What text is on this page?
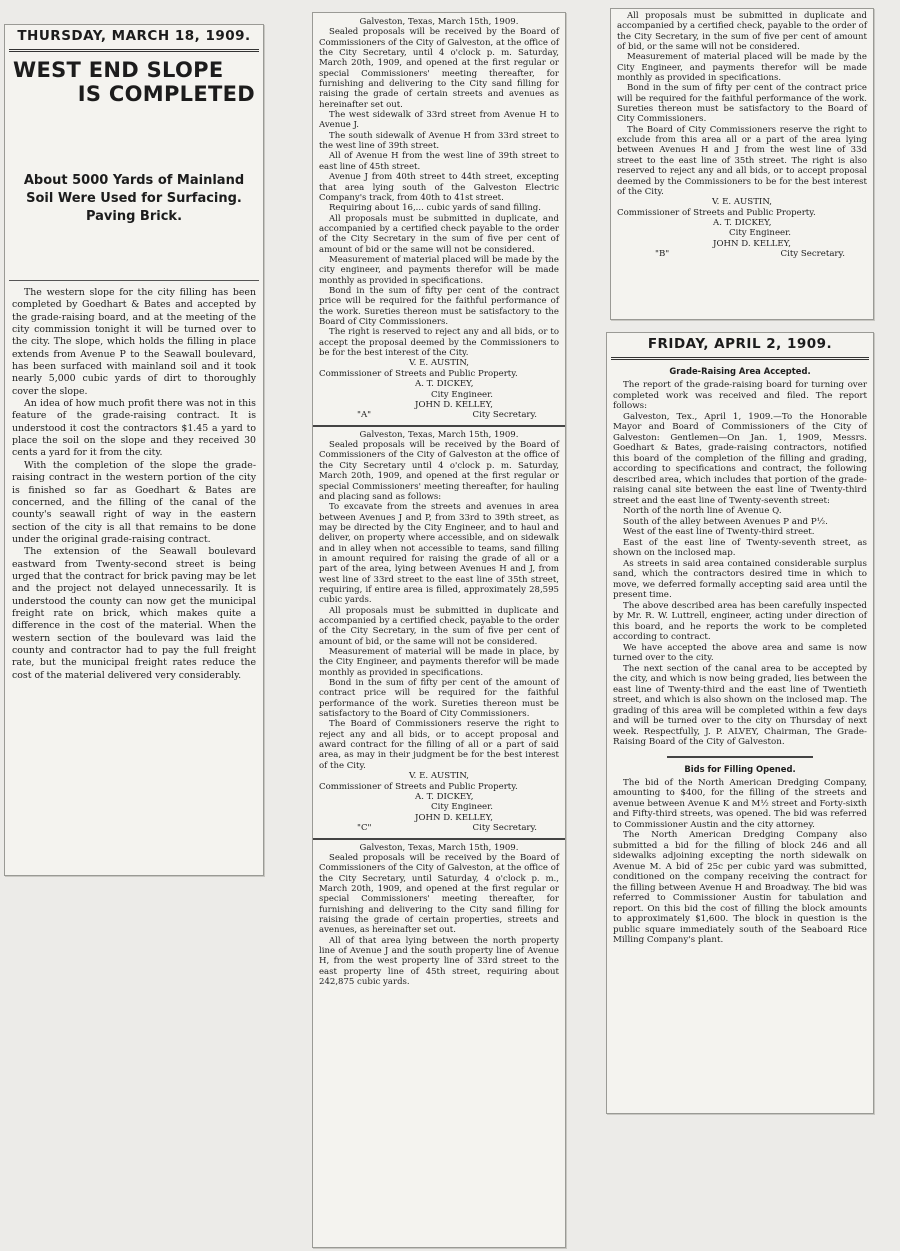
THURSDAY, MARCH 18, 1909.
WEST END SLOPE
IS COMPLETED
About 5000 Yards of Mainland Soil Were Used for Surfacing. Paving Brick.

The western slope for the city filling has been completed by Goedhart & Bates and accepted by the grade-raising board, and at the meeting of the city commission tonight it will be turned over to the city. The slope, which holds the filling in place extends from Avenue P to the Seawall boulevard, has been surfaced with mainland soil and it took nearly 5,000 cubic yards of dirt to thoroughly cover the slope.

An idea of how much profit there was not in this feature of the grade-raising contract. It is understood it cost the contractors $1.45 a yard to place the soil on the slope and they received 30 cents a yard for it from the city.

With the completion of the slope the grade-raising contract in the western portion of the city is finished so far as Goedhart & Bates are concerned, and the filling of the canal of the county's seawall right of way in the eastern section of the city is all that remains to be done under the original grade-raising contract.

The extension of the Seawall boulevard eastward from Twenty-second street is being urged that the contract for brick paving may be let and the project not delayed unnecessarily. It is understood the county can now get the municipal freight rate on brick, which makes quite a difference in the cost of the material. When the western section of the boulevard was laid the county and contractor had to pay the full freight rate, but the municipal freight rates reduce the cost of the material delivered very considerably.

Galveston, Texas, March 15th, 1909.

Sealed proposals will be received by the Board of Commissioners of the City of Galveston, at the office of the City Secretary, until 4 o'clock p. m. Saturday, March 20th, 1909, and opened at the first regular or special Commissioners' meeting thereafter, for furnishing and delivering to the City sand filling for raising the grade of certain streets and avenues as hereinafter set out.

The west sidewalk of 33rd street from Avenue H to Avenue J.

The south sidewalk of Avenue H from 33rd street to the west line of 39th street.

All of Avenue H from the west line of 39th street to east line of 45th street.

Avenue J from 40th street to 44th street, excepting that area lying south of the Galveston Electric Company's track, from 40th to 41st street.

Requiring about 16,... cubic yards of sand filling.

All proposals must be submitted in duplicate, and accompanied by a certified check payable to the order of the City Secretary in the sum of five per cent of amount of bid or the same will not be considered.

Measurement of material placed will be made by the city engineer, and payments therefor will be made monthly as provided in specifications.

Bond in the sum of fifty per cent of the contract price will be required for the faithful performance of the work. Sureties thereon must be satisfactory to the Board of City Commissioners.

The right is reserved to reject any and all bids, or to accept the proposal deemed by the Commissioners to be for the best interest of the City.

V. E. AUSTIN,
Commissioner of Streets and Public Property.
A. T. DICKEY,
City Engineer.
JOHN D. KELLEY,
"A"	City Secretary.

Galveston, Texas, March 15th, 1909.

Sealed proposals will be received by the Board of Commissioners of the City of Galveston at the office of the City Secretary until 4 o'clock p. m. Saturday, March 20th, 1909, and opened at the first regular or special Commissioners' meeting thereafter, for hauling and placing sand as follows:

To excavate from the streets and avenues in area between Avenues J and P, from 33rd to 39th street, as may be directed by the City Engineer, and to haul and deliver, on property where accessible, and on sidewalk and in alley when not accessible to teams, sand filling in amount required for raising the grade of all or a part of the area, lying between Avenues H and J, from west line of 33rd street to the east line of 35th street, requiring, if entire area is filled, approximately 28,595 cubic yards.

All proposals must be submitted in duplicate and accompanied by a certified check, payable to the order of the City Secretary, in the sum of five per cent of amount of bid, or the same will not be considered.

Measurement of material will be made in place, by the City Engineer, and payments therefor will be made monthly as provided in specifications.

Bond in the sum of fifty per cent of the amount of contract price will be required for the faithful performance of the work. Sureties thereon must be satisfactory to the Board of City Commissioners.

The Board of Commissioners reserve the right to reject any and all bids, or to accept proposal and award contract for the filling of all or a part of said area, as may in their judgment be for the best interest of the City.

V. E. AUSTIN,
Commissioner of Streets and Public Property.
A. T. DICKEY,
City Engineer.
JOHN D. KELLEY,
"C"	City Secretary.

Galveston, Texas, March 15th, 1909.

Sealed proposals will be received by the Board of Commissioners of the City of Galveston, at the office of the City Secretary, until Saturday, 4 o'clock p. m., March 20th, 1909, and opened at the first regular or special Commissioners' meeting thereafter, for furnishing and delivering to the City sand filling for raising the grade of certain properties, streets and avenues, as hereinafter set out.

All of that area lying between the north property line of Avenue J and the south property line of Avenue H, from the west property line of 33rd street to the east property line of 45th street, requiring about 242,875 cubic yards.

All proposals must be submitted in duplicate and accompanied by a certified check, payable to the order of the City Secretary, in the sum of five per cent of amount of bid, or the same will not be considered.

Measurement of material placed will be made by the City Engineer, and payments therefor will be made monthly as provided in specifications.

Bond in the sum of fifty per cent of the contract price will be required for the faithful performance of the work. Sureties thereon must be satisfactory to the Board of City Commissioners.

The Board of City Commissioners reserve the right to exclude from this area all or a part of the area lying between Avenues H and J from the west line of 33d street to the east line of 35th street. The right is also reserved to reject any and all bids, or to accept proposal deemed by the Commissioners to be for the best interest of the City.

V. E. AUSTIN,
Commissioner of Streets and Public Property.
A. T. DICKEY,
City Engineer.
JOHN D. KELLEY,
"B"	City Secretary.
FRIDAY, APRIL 2, 1909.
Grade-Raising Area Accepted.

The report of the grade-raising board for turning over completed work was received and filed. The report follows:

Galveston, Tex., April 1, 1909.—To the Honorable Mayor and Board of Commissioners of the City of Galveston: Gentlemen—On Jan. 1, 1909, Messrs. Goedhart & Bates, grade-raising contractors, notified this board of the completion of the filling and grading, according to specifications and contract, the following described area, which includes that portion of the grade-raising canal site between the east line of Twenty-third street and the east line of Twenty-seventh street:

North of the north line of Avenue Q.

South of the alley between Avenues P and P½.

West of the east line of Twenty-third street.

East of the east line of Twenty-seventh street, as shown on the inclosed map.

As streets in said area contained considerable surplus sand, which the contractors desired time in which to move, we deferred formally accepting said area until the present time.

The above described area has been carefully inspected by Mr. R. W. Luttrell, engineer, acting under direction of this board, and he reports the work to be completed according to contract.

We have accepted the above area and same is now turned over to the city.

The next section of the canal area to be accepted by the city, and which is now being graded, lies between the east line of Twenty-third and the east line of Twentieth street, and which is also shown on the inclosed map. The grading of this area will be completed within a few days and will be turned over to the city on Thursday of next week. Respectfully, J. P. ALVEY, Chairman, The Grade-Raising Board of the City of Galveston.

Bids for Filling Opened.

The bid of the North American Dredging Company, amounting to $400, for the filling of the streets and avenue between Avenue K and M½ street and Forty-sixth and Fifty-third streets, was opened. The bid was referred to Commissioner Austin and the city attorney.

The North American Dredging Company also submitted a bid for the filling of block 246 and all sidewalks adjoining excepting the north sidewalk on Avenue M. A bid of 25c per cubic yard was submitted, conditioned on the company receiving the contract for the filling between Avenue H and Broadway. The bid was referred to Commissioner Austin for tabulation and report. On this bid the cost of filling the block amounts to approximately $1,600. The block in question is the public square immediately south of the Seaboard Rice Milling Company's plant.
